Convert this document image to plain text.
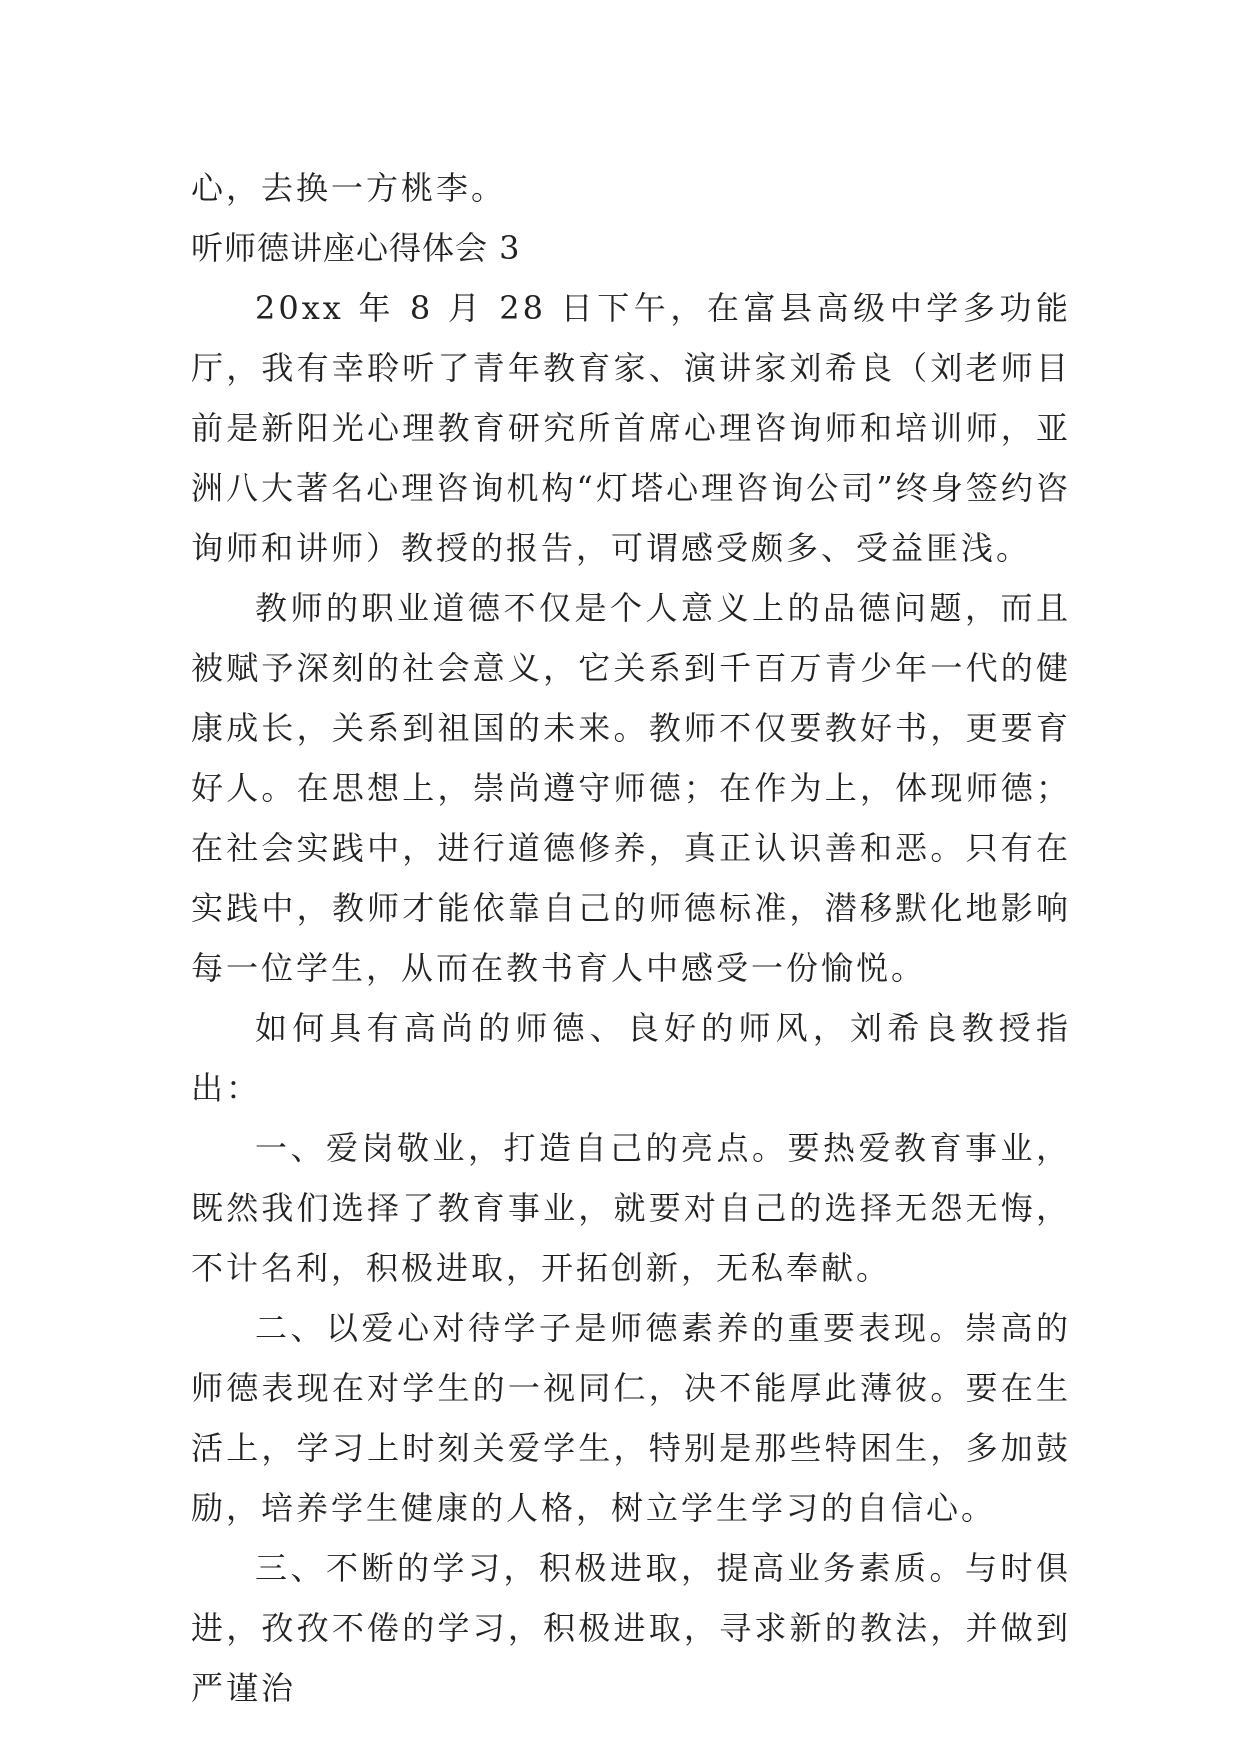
心，去换一方桃李。

听师德讲座心得体会 3

20xx 年 8 月 28 日下午，在富县高级中学多功能厅，我有幸聆听了青年教育家、演讲家刘希良（刘老师目前是新阳光心理教育研究所首席心理咨询师和培训师，亚洲八大著名心理咨询机构“灯塔心理咨询公司”终身签约咨询师和讲师）教授的报告，可谓感受颇多、受益匪浅。

教师的职业道德不仅是个人意义上的品德问题，而且被赋予深刻的社会意义，它关系到千百万青少年一代的健康成长，关系到祖国的未来。教师不仅要教好书，更要育好人。在思想上，崇尚遵守师德；在作为上，体现师德；在社会实践中，进行道德修养，真正认识善和恶。只有在实践中，教师才能依靠自己的师德标准，潜移默化地影响每一位学生，从而在教书育人中感受一份愉悦。

如何具有高尚的师德、良好的师风，刘希良教授指出：

一、爱岗敬业，打造自己的亮点。要热爱教育事业，既然我们选择了教育事业，就要对自己的选择无怨无悔，不计名利，积极进取，开拓创新，无私奉献。

二、以爱心对待学子是师德素养的重要表现。崇高的师德表现在对学生的一视同仁，决不能厚此薄彼。要在生活上，学习上时刻关爱学生，特别是那些特困生，多加鼓励，培养学生健康的人格，树立学生学习的自信心。

三、不断的学习，积极进取，提高业务素质。与时俱进，孜孜不倦的学习，积极进取，寻求新的教法，并做到严谨治
